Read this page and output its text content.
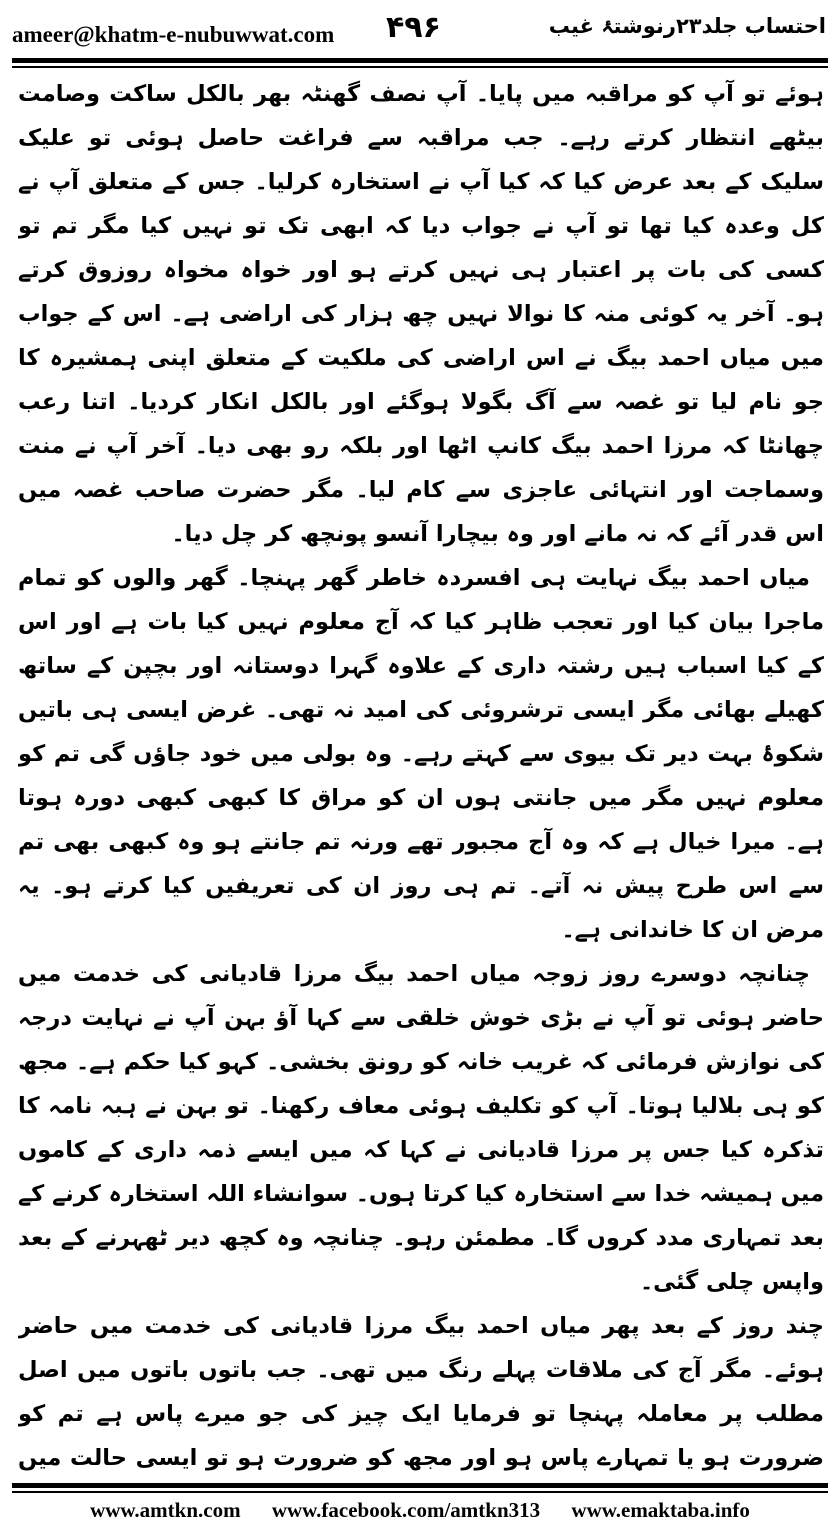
ameer@khatm-e-nubuwwat.com ۴۹۶	احتساب جلد۲۳رنوشتۂ غیب

ہوئے تو آپ کو مراقبہ میں پایا۔ آپ نصف گھنٹہ بھر بالکل ساکت وصامت بیٹھے انتظار کرتے رہے۔ جب مراقبہ سے فراغت حاصل ہوئی تو علیک سلیک کے بعد عرض کیا کہ کیا آپ نے استخارہ کرلیا۔ جس کے متعلق آپ نے کل وعدہ کیا تھا تو آپ نے جواب دیا کہ ابھی تک تو نہیں کیا مگر تم تو کسی کی بات پر اعتبار ہی نہیں کرتے ہو اور خواہ مخواہ روزوق کرتے ہو۔ آخر یہ کوئی منہ کا نوالا نہیں چھ ہزار کی اراضی ہے۔ اس کے جواب میں میاں احمد بیگ نے اس اراضی کی ملکیت کے متعلق اپنی ہمشیرہ کا جو نام لیا تو غصہ سے آگ بگولا ہوگئے اور بالکل انکار کردیا۔ اتنا رعب چھانٹا کہ مرزا احمد بیگ کانپ اٹھا اور بلکہ رو بھی دیا۔ آخر آپ نے منت وسماجت اور انتہائی عاجزی سے کام لیا۔ مگر حضرت صاحب غصہ میں اس قدر آئے کہ نہ مانے اور وہ بیچارا آنسو پونچھ کر چل دیا۔

میاں احمد بیگ نہایت ہی افسردہ خاطر گھر پہنچا۔ گھر والوں کو تمام ماجرا بیان کیا اور تعجب ظاہر کیا کہ آج معلوم نہیں کیا بات ہے اور اس کے کیا اسباب ہیں رشتہ داری کے علاوہ گہرا دوستانہ اور بچپن کے ساتھ کھیلے بھائی مگر ایسی ترشروئی کی امید نہ تھی۔ غرض ایسی ہی باتیں شکوۂ بہت دیر تک بیوی سے کہتے رہے۔ وہ بولی میں خود جاؤں گی تم کو معلوم نہیں مگر میں جانتی ہوں ان کو مراق کا کبھی کبھی دورہ ہوتا ہے۔ میرا خیال ہے کہ وہ آج مجبور تھے ورنہ تم جانتے ہو وہ کبھی بھی تم سے اس طرح پیش نہ آتے۔ تم ہی روز ان کی تعریفیں کیا کرتے ہو۔ یہ مرض ان کا خاندانی ہے۔

چنانچہ دوسرے روز زوجہ میاں احمد بیگ مرزا قادیانی کی خدمت میں حاضر ہوئی تو آپ نے بڑی خوش خلقی سے کہا آؤ بہن آپ نے نہایت درجہ کی نوازش فرمائی کہ غریب خانہ کو رونق بخشی۔ کہو کیا حکم ہے۔ مجھ کو ہی بلالیا ہوتا۔ آپ کو تکلیف ہوئی معاف رکھنا۔ تو بہن نے ہبہ نامہ کا تذکرہ کیا جس پر مرزا قادیانی نے کہا کہ میں ایسے ذمہ داری کے کاموں میں ہمیشہ خدا سے استخارہ کیا کرتا ہوں۔ سوانشاء اللہ استخارہ کرنے کے بعد تمہاری مدد کروں گا۔ مطمئن رہو۔ چنانچہ وہ کچھ دیر ٹھہرنے کے بعد واپس چلی گئی۔

چند روز کے بعد پھر میاں احمد بیگ مرزا قادیانی کی خدمت میں حاضر ہوئے۔ مگر آج کی ملاقات پہلے رنگ میں تھی۔ جب باتوں باتوں میں اصل مطلب پر معاملہ پہنچا تو فرمایا ایک چیز کی جو میرے پاس ہے تم کو ضرورت ہو یا تمہارے پاس ہو اور مجھ کو ضرورت ہو تو ایسی حالت میں

www.amtkn.com www.facebook.com/amtkn313 www.emaktaba.info
